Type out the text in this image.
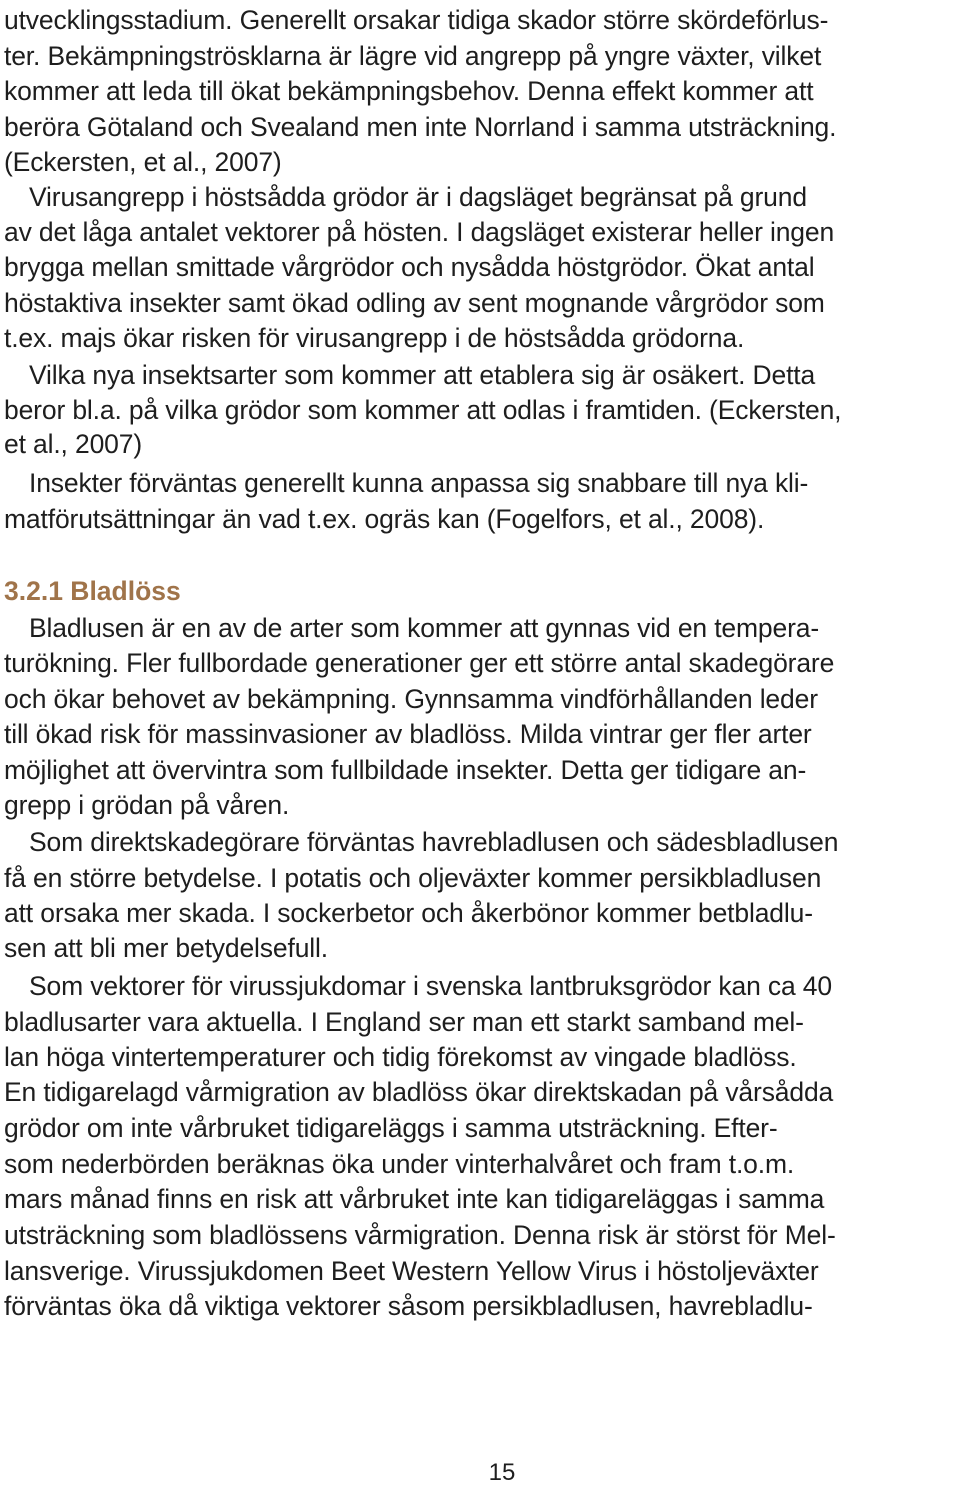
utvecklingsstadium. Generellt orsakar tidiga skador större skördeförlus-
ter. Bekämpningströsklarna är lägre vid angrepp på yngre växter, vilket
kommer att leda till ökat bekämpningsbehov. Denna effekt kommer att
beröra Götaland och Svealand men inte Norrland i samma utsträckning.
(Eckersten, et al., 2007)
Virusangrepp i höstsådda grödor är i dagsläget begränsat på grund
av det låga antalet vektorer på hösten. I dagsläget existerar heller ingen
brygga mellan smittade vårgrödor och nysådda höstgrödor. Ökat antal
höstaktiva insekter samt ökad odling av sent mognande vårgrödor som
t.ex. majs ökar risken för virusangrepp i de höstsådda grödorna.
Vilka nya insektsarter som kommer att etablera sig är osäkert. Detta
beror bl.a. på vilka grödor som kommer att odlas i framtiden. (Eckersten,
et al., 2007)
Insekter förväntas generellt kunna anpassa sig snabbare till nya kli-
matförutsättningar än vad t.ex. ogräs kan (Fogelfors, et al., 2008).
3.2.1 Bladlöss
Bladlusen är en av de arter som kommer att gynnas vid en tempera-
turökning. Fler fullbordade generationer ger ett större antal skadegörare
och ökar behovet av bekämpning. Gynnsamma vindförhållanden leder
till ökad risk för massinvasioner av bladlöss. Milda vintrar ger fler arter
möjlighet att övervintra som fullbildade insekter. Detta ger tidigare an-
grepp i grödan på våren.
Som direktskadegörare förväntas havrebladlusen och sädesbladlusen
få en större betydelse. I potatis och oljeväxter kommer persikbladlusen
att orsaka mer skada. I sockerbetor och åkerbönor kommer betbladlu-
sen att bli mer betydelsefull.
Som vektorer för virussjukdomar i svenska lantbruksgrödor kan ca 40
bladlusarter vara aktuella. I England ser man ett starkt samband mel-
lan höga vintertemperaturer och tidig förekomst av vingade bladlöss.
En tidigarelagd vårmigration av bladlöss ökar direktskadan på vårsådda
grödor om inte vårbruket tidigareläggs i samma utsträckning. Efter-
som nederbörden beräknas öka under vinterhalvåret och fram t.o.m.
mars månad finns en risk att vårbruket inte kan tidigareläggas i samma
utsträckning som bladlössens vårmigration. Denna risk är störst för Mel-
lansverige. Virussjukdomen Beet Western Yellow Virus i höstoljeväxter
förväntas öka då viktiga vektorer såsom persikbladlusen, havrebladlu-
15
